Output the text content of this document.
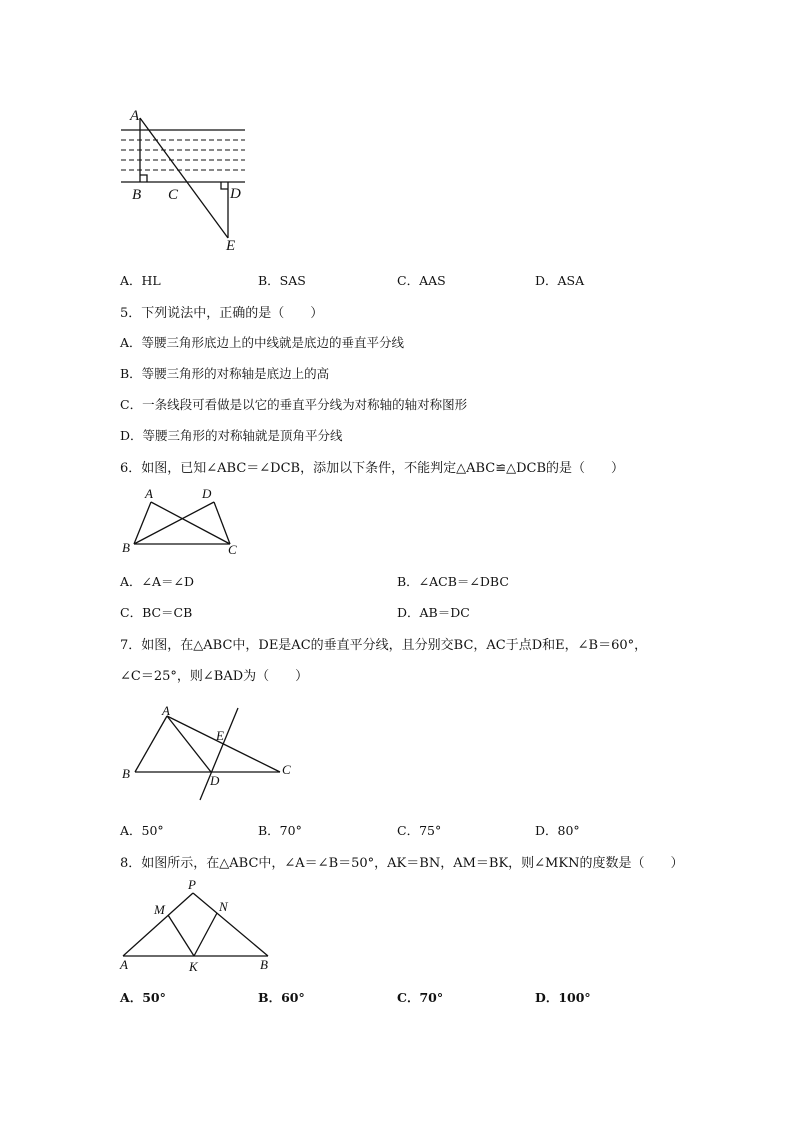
A
B C	D
E
A．HL	B．SAS	C．AAS	D．ASA
5．下列说法中，正确的是（　　）
A．等腰三角形底边上的中线就是底边的垂直平分线
B．等腰三角形的对称轴是底边上的高
C．一条线段可看做是以它的垂直平分线为对称轴的轴对称图形
D．等腰三角形的对称轴就是顶角平分线
6．如图，已知∠ABC＝∠DCB，添加以下条件，不能判定△ABC≌△DCB的是（　　）
A	D
B	C
A．∠A＝∠D	B．∠ACB＝∠DBC
C．BC＝CB	D．AB＝DC
7．如图，在△ABC中，DE是AC的垂直平分线，且分别交BC，AC于点D和E，∠B＝60°，
∠C＝25°，则∠BAD为（　　）
A
B	C
D
E
A．50°	B．70°	C．75°	D．80°
8．如图所示，在△ABC中，∠A＝∠B＝50°，AK＝BN，AM＝BK，则∠MKN的度数是（　　）
P
M	N
A	K	B
A．50°	B．60°	C．70°	D．100°
